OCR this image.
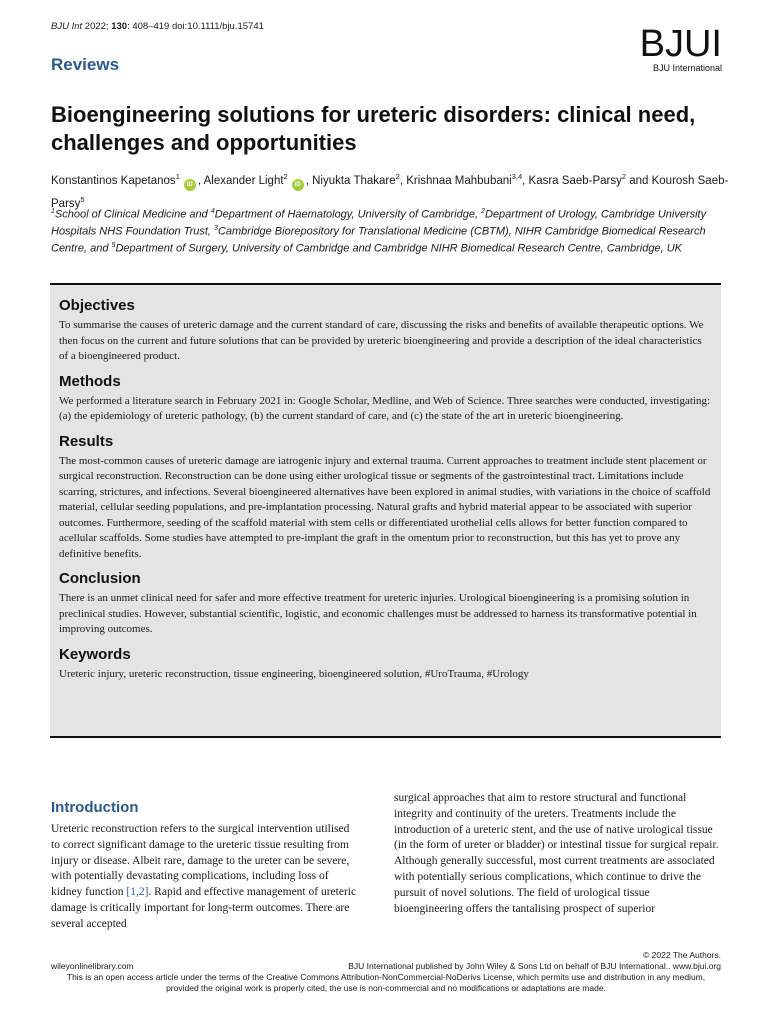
BJU Int 2022; 130: 408–419 doi:10.1111/bju.15741	BJUI
BJU International
Reviews
Bioengineering solutions for ureteric disorders: clinical need, challenges and opportunities
Konstantinos Kapetanos$^1$iD , Alexander Light$^2$iD , Niyukta Thakare$^2$, Krishnaa Mahbubani$^{3,4}$, Kasra Saeb-Parsy$^2$ and Kourosh Saeb-Parsy$^5$
$^1$School of Clinical Medicine and $^4$Department of Haematology, University of Cambridge, $^2$Department of Urology, Cambridge University Hospitals NHS Foundation Trust, $^3$Cambridge Biorepository for Translational Medicine (CBTM), NIHR Cambridge Biomedical Research Centre, and $^5$Department of Surgery, University of Cambridge and Cambridge NIHR Biomedical Research Centre, Cambridge, UK
Objectives

To summarise the causes of ureteric damage and the current standard of care, discussing the risks and benefits of available therapeutic options. We then focus on the current and future solutions that can be provided by ureteric bioengineering and provide a description of the ideal characteristics of a bioengineered product.

Methods

We performed a literature search in February 2021 in: Google Scholar, Medline, and Web of Science. Three searches were conducted, investigating: (a) the epidemiology of ureteric pathology, (b) the current standard of care, and (c) the state of the art in ureteric bioengineering.

Results

The most-common causes of ureteric damage are iatrogenic injury and external trauma. Current approaches to treatment include stent placement or surgical reconstruction. Reconstruction can be done using either urological tissue or segments of the gastrointestinal tract. Limitations include scarring, strictures, and infections. Several bioengineered alternatives have been explored in animal studies, with variations in the choice of scaffold material, cellular seeding populations, and pre-implantation processing. Natural grafts and hybrid material appear to be associated with superior outcomes. Furthermore, seeding of the scaffold material with stem cells or differentiated urothelial cells allows for better function compared to acellular scaffolds. Some studies have attempted to pre-implant the graft in the omentum prior to reconstruction, but this has yet to prove any definitive benefits.

Conclusion

There is an unmet clinical need for safer and more effective treatment for ureteric injuries. Urological bioengineering is a promising solution in preclinical studies. However, substantial scientific, logistic, and economic challenges must be addressed to harness its transformative potential in improving outcomes.

Keywords

Ureteric injury, ureteric reconstruction, tissue engineering, bioengineered solution, #UroTrauma, #Urology

Introduction

Ureteric reconstruction refers to the surgical intervention utilised to correct significant damage to the ureteric tissue resulting from injury or disease. Albeit rare, damage to the ureter can be severe, with potentially devastating complications, including loss of kidney function [1,2]. Rapid and effective management of ureteric damage is critically important for long-term outcomes. There are several accepted

surgical approaches that aim to restore structural and functional integrity and continuity of the ureters. Treatments include the introduction of a ureteric stent, and the use of native urological tissue (in the form of ureter or bladder) or intestinal tissue for surgical repair. Although generally successful, most current treatments are associated with potentially serious complications, which continue to drive the pursuit of novel solutions. The field of urological tissue bioengineering offers the tantalising prospect of superior

© 2022 The Authors.
wileyonlinelibrary.com	BJU International published by John Wiley & Sons Ltd on behalf of BJU International.. www.bjui.org
This is an open access article under the terms of the Creative Commons Attribution-NonCommercial-NoDerivs License, which permits use and distribution in any medium, provided the original work is properly cited, the use is non-commercial and no modifications or adaptations are made.
